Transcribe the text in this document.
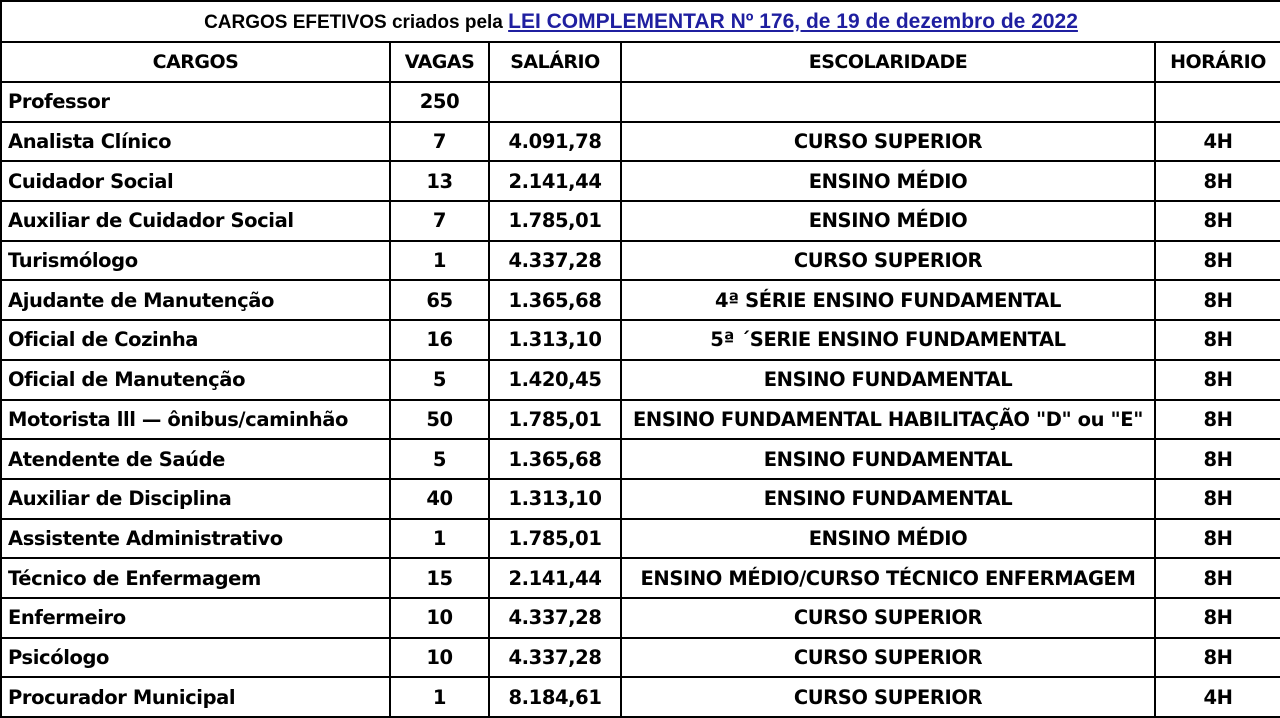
CARGOS EFETIVOS criados pela LEI COMPLEMENTAR Nº 176, de 19 de dezembro de 2022				
CARGOS	VAGAS	SALÁRIO	ESCOLARIDADE	HORÁRIO
Professor	250			
Analista Clínico	7	4.091,78	CURSO SUPERIOR	4H
Cuidador Social	13	2.141,44	ENSINO MÉDIO	8H
Auxiliar de Cuidador Social	7	1.785,01	ENSINO MÉDIO	8H
Turismólogo	1	4.337,28	CURSO SUPERIOR	8H
Ajudante de Manutenção	65	1.365,68	4ª SÉRIE ENSINO FUNDAMENTAL	8H
Oficial de Cozinha	16	1.313,10	5ª ´SERIE ENSINO FUNDAMENTAL	8H
Oficial de Manutenção	5	1.420,45	ENSINO FUNDAMENTAL	8H
Motorista lll — ônibus/caminhão	50	1.785,01	ENSINO FUNDAMENTAL HABILITAÇÃO "D" ou "E"	8H
Atendente de Saúde	5	1.365,68	ENSINO FUNDAMENTAL	8H
Auxiliar de Disciplina	40	1.313,10	ENSINO FUNDAMENTAL	8H
Assistente Administrativo	1	1.785,01	ENSINO MÉDIO	8H
Técnico de Enfermagem	15	2.141,44	ENSINO MÉDIO/CURSO TÉCNICO ENFERMAGEM	8H
Enfermeiro	10	4.337,28	CURSO SUPERIOR	8H
Psicólogo	10	4.337,28	CURSO SUPERIOR	8H
Procurador Municipal	1	8.184,61	CURSO SUPERIOR	4H
